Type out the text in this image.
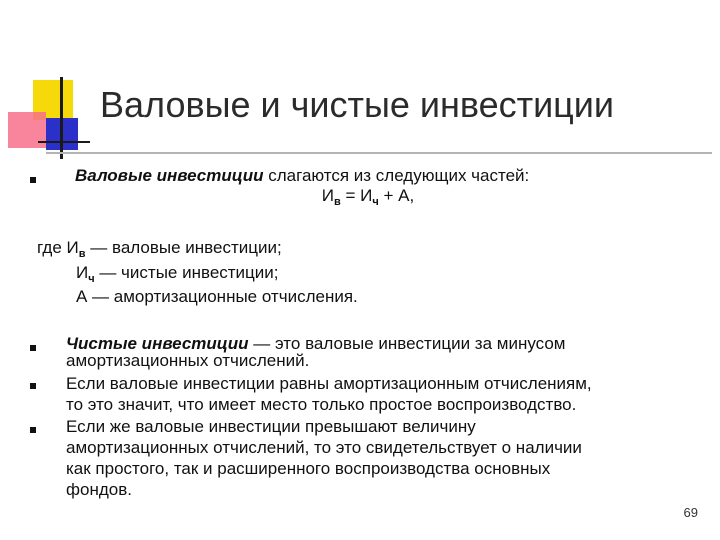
Валовые и чистые инвестиции
Валовые инвестиции слагаются из следующих частей:
$И_в = И_ч + А$,
где $И_в$ — валовые инвестиции;
$И_ч$ — чистые инвестиции;
А — амортизационные отчисления.
Чистые инвестиции — это валовые инвестиции за минусом
амортизационных отчислений.
Если валовые инвестиции равны амортизационным отчислениям,
то это значит, что имеет место только простое воспроизводство.
Если же валовые инвестиции превышают величину
амортизационных отчислений, то это свидетельствует о наличии
как простого, так и расширенного воспроизводства основных
фондов.
69
